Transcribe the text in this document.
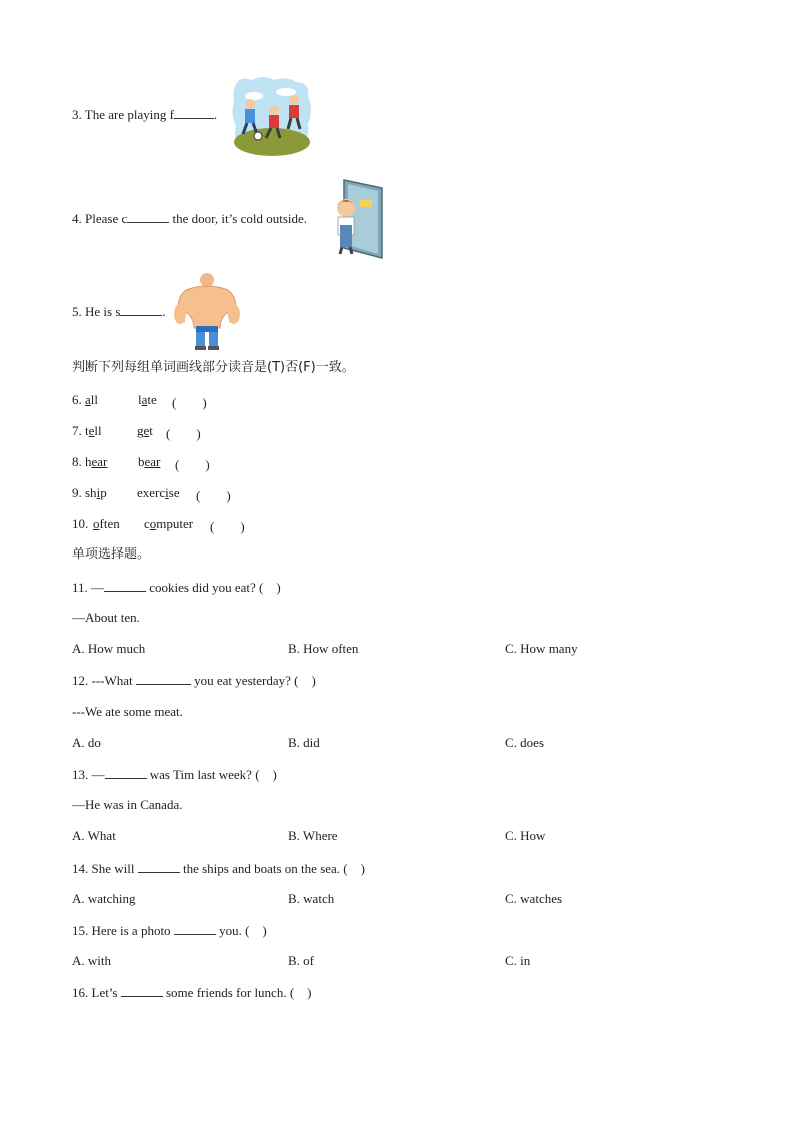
3. The are playing f	.
4. Please c	the door, it’s cold outside.
5. He is s	.
判断下列每组单词画线部分读音是(T)否(F)一致。
6. all	late (　　)
7. tell	get (　　)
8. hear bear (　　)
9. ship exercise (　　)
10. often computer (　　)
单项选择题。
11. —	cookies did you eat? (　)
—About ten.
A. How much	B. How often	C. How many
12. ---What	you eat yesterday? (　)
---We ate some meat.
A. do	B. did	C. does
13. —	was Tim last week? (　)
—He was in Canada.
A. What	B. Where	C. How
14. She will	the ships and boats on the sea. (　)
A. watching	B. watch	C. watches
15. Here is a photo	you. (　)
A. with	B. of	C. in
16. Let’s	some friends for lunch. (　)
